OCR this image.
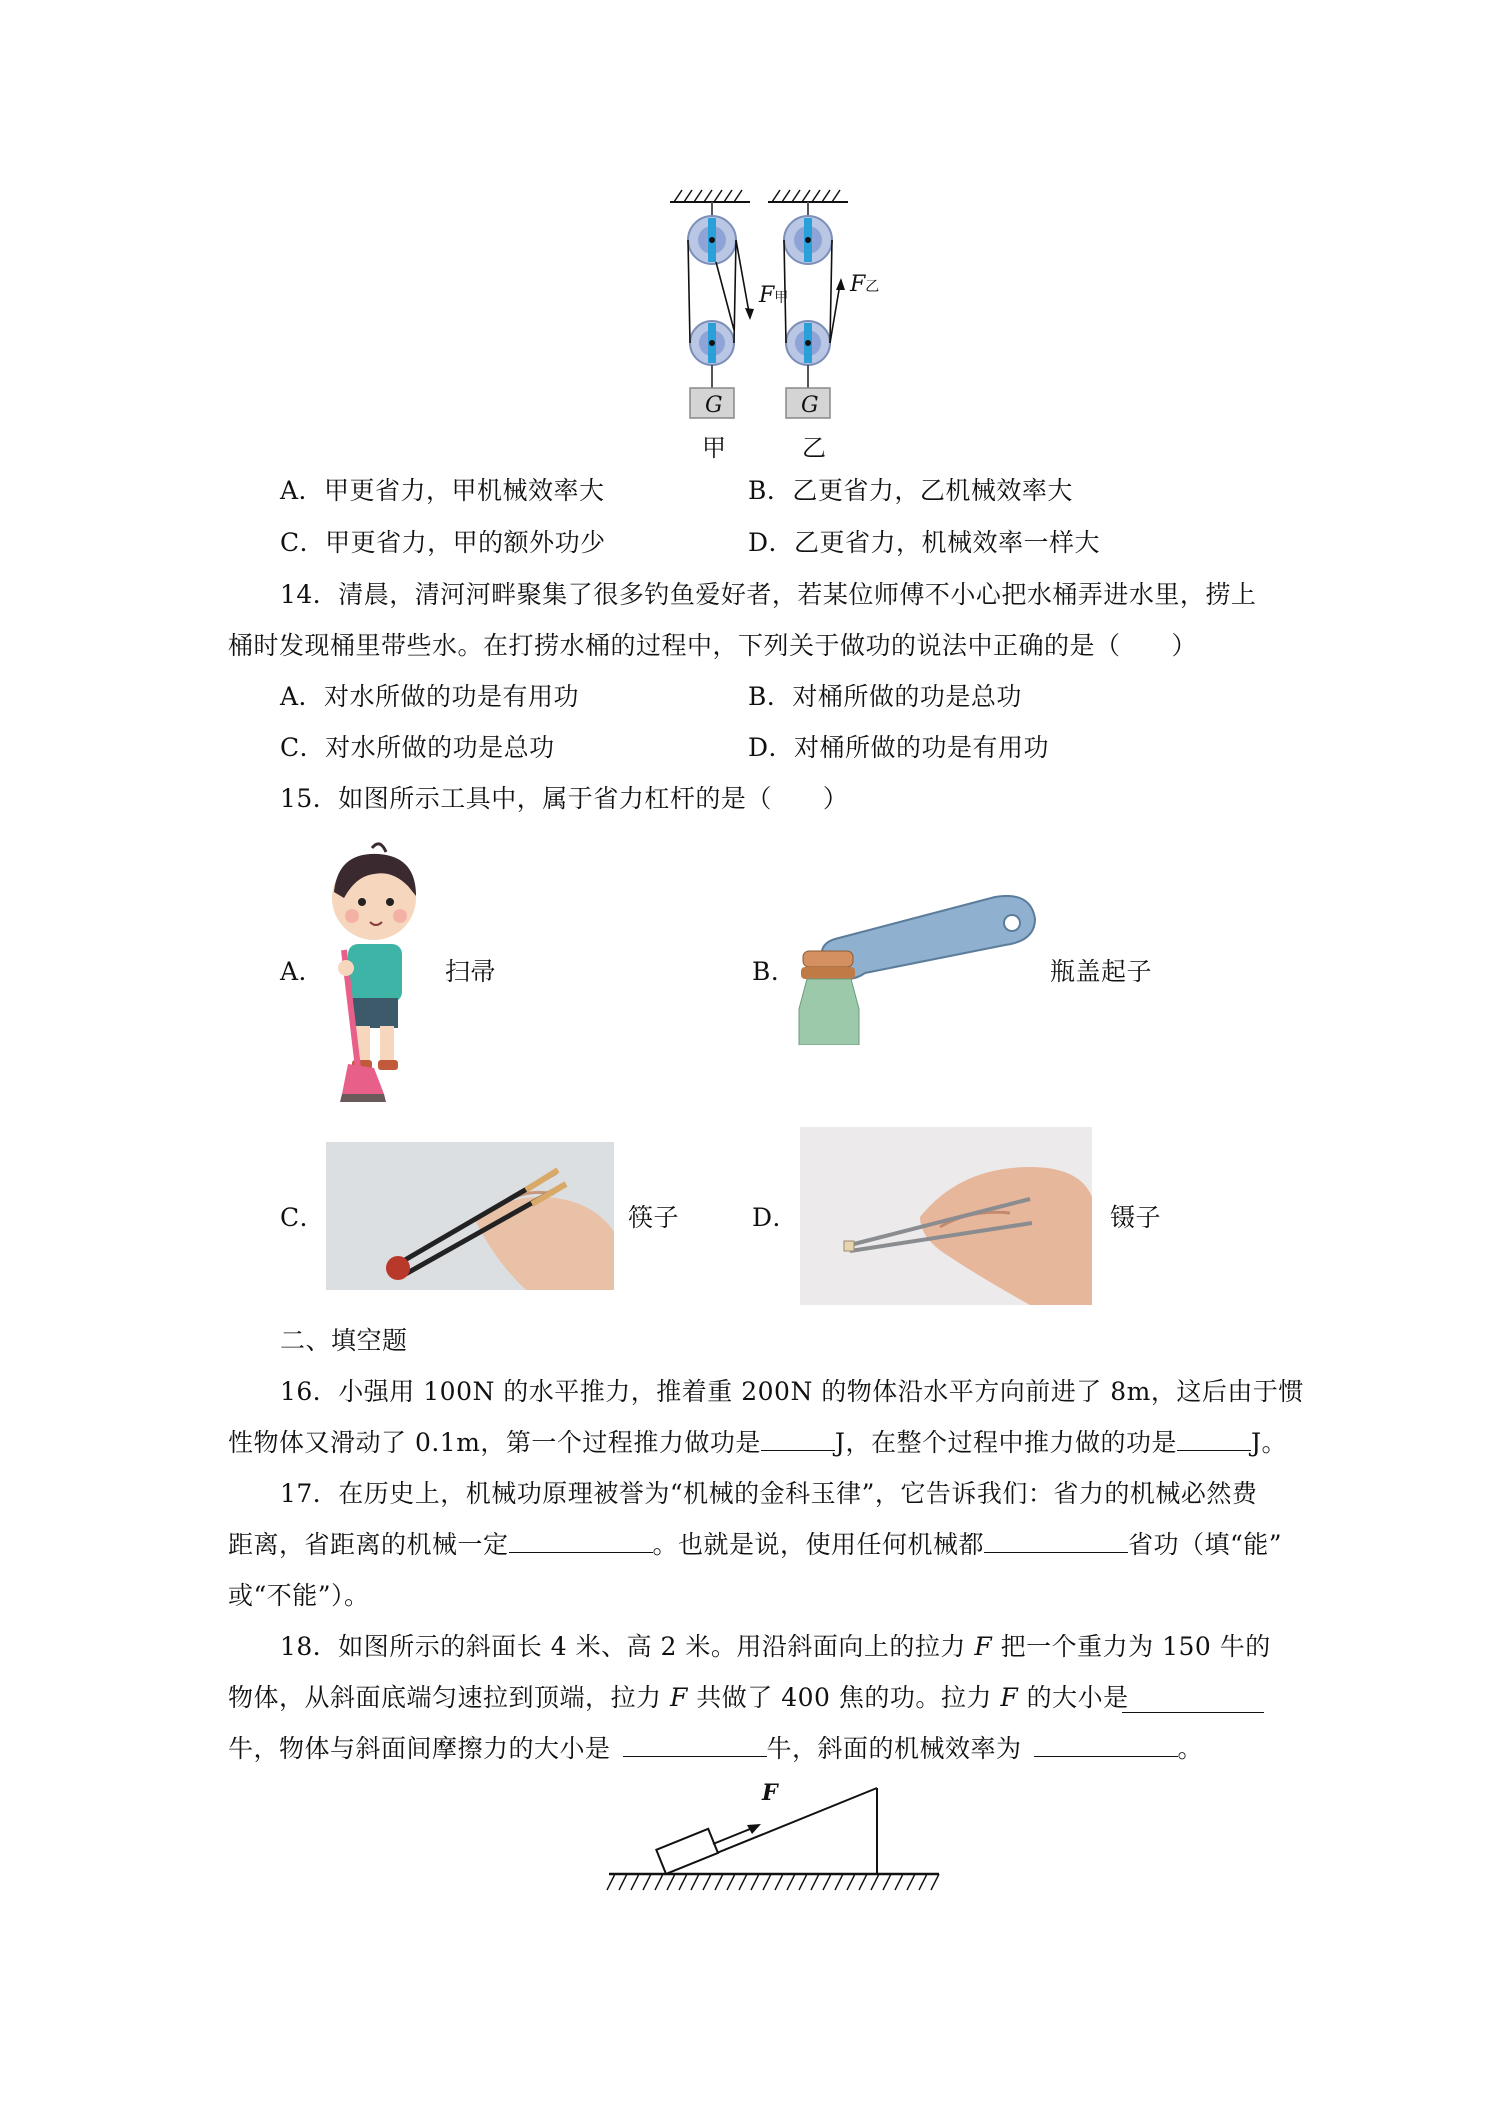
F甲
F乙
G	G
甲	乙
A．甲更省力，甲机械效率大	B．乙更省力，乙机械效率大
C．甲更省力，甲的额外功少	D．乙更省力，机械效率一样大
14．清晨，清河河畔聚集了很多钓鱼爱好者，若某位师傅不小心把水桶弄进水里，捞上
桶时发现桶里带些水。在打捞水桶的过程中，下列关于做功的说法中正确的是（　　）
A．对水所做的功是有用功	B．对桶所做的功是总功
C．对水所做的功是总功	D．对桶所做的功是有用功
15．如图所示工具中，属于省力杠杆的是（　　）
A．	扫帚	B．	瓶盖起子
C．	筷子	D．	镊子
二、填空题
16．小强用 100N 的水平推力，推着重 200N 的物体沿水平方向前进了 8m，这后由于惯
性物体又滑动了 0.1m，第一个过程推力做功是	J，在整个过程中推力做的功是	J。
17．在历史上，机械功原理被誉为“机械的金科玉律”，它告诉我们：省力的机械必然费
距离，省距离的机械一定	。也就是说，使用任何机械都	省功（填“能”
或“不能”）。
18．如图所示的斜面长 4 米、高 2 米。用沿斜面向上的拉力 F 把一个重力为 150 牛的
物体，从斜面底端匀速拉到顶端，拉力 F 共做了 400 焦的功。拉力 F 的大小是
牛，物体与斜面间摩擦力的大小是	牛，斜面的机械效率为	。
F
